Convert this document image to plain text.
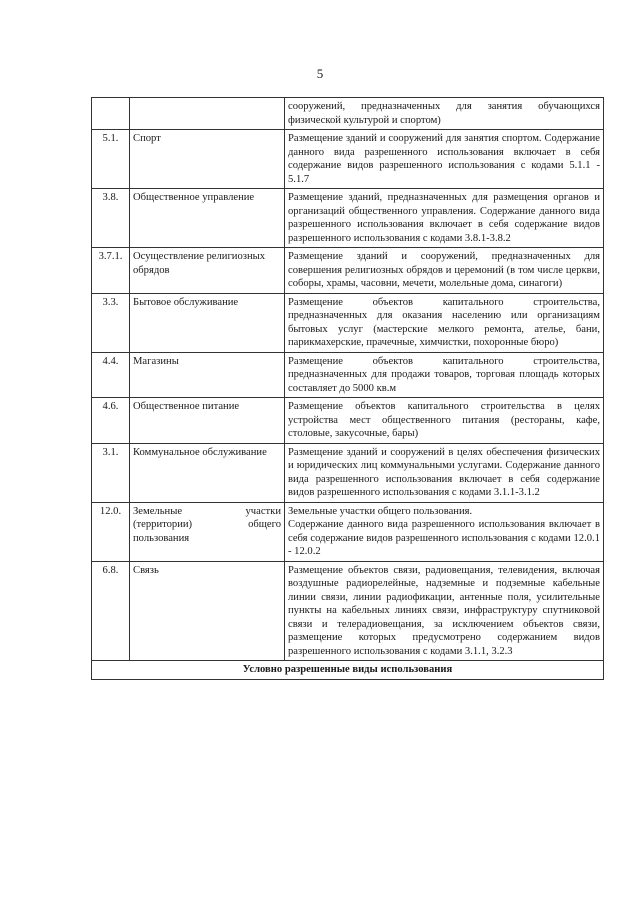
5

		сооружений, предназначенных для занятия обучающихся физической культурой и спортом)

5.1.	Спорт	Размещение зданий и сооружений для занятия спортом. Содержание данного вида разрешенного использования включает в себя содержание видов разрешенного использования с кодами 5.1.1 - 5.1.7

3.8.	Общественное управление	Размещение зданий, предназначенных для размещения органов и организаций общественного управления. Содержание данного вида разрешенного использования включает в себя содержание видов разрешенного использования с кодами 3.8.1-3.8.2

3.7.1.	Осуществление религиозных обрядов	Размещение зданий и сооружений, предназначенных для совершения религиозных обрядов и церемоний (в том числе церкви, соборы, храмы, часовни, мечети, молельные дома, синагоги)

3.3.	Бытовое обслуживание	Размещение объектов капитального строительства, предназначенных для оказания населению или организациям бытовых услуг (мастерские мелкого ремонта, ателье, бани, парикмахерские, прачечные, химчистки, похоронные бюро)

4.4.	Магазины	Размещение объектов капитального строительства, предназначенных для продажи товаров, торговая площадь которых составляет до 5000 кв.м

4.6.	Общественное питание	Размещение объектов капитального строительства в целях устройства мест общественного питания (рестораны, кафе, столовые, закусочные, бары)

3.1.	Коммунальное обслуживание	Размещение зданий и сооружений в целях обеспечения физических и юридических лиц коммунальными услугами. Содержание данного вида разрешенного использования включает в себя содержание видов разрешенного использования с кодами 3.1.1-3.1.2

12.0.	Земельные участки (территории) общего пользования	Земельные участки общего пользования.
Содержание данного вида разрешенного использования включает в себя содержание видов разрешенного использования с кодами 12.0.1 - 12.0.2

6.8.	Связь	Размещение объектов связи, радиовещания, телевидения, включая воздушные радиорелейные, надземные и подземные кабельные линии связи, линии радиофикации, антенные поля, усилительные пункты на кабельных линиях связи, инфраструктуру спутниковой связи и телерадиовещания, за исключением объектов связи, размещение которых предусмотрено содержанием видов разрешенного использования с кодами 3.1.1, 3.2.3

Условно разрешенные виды использования		
